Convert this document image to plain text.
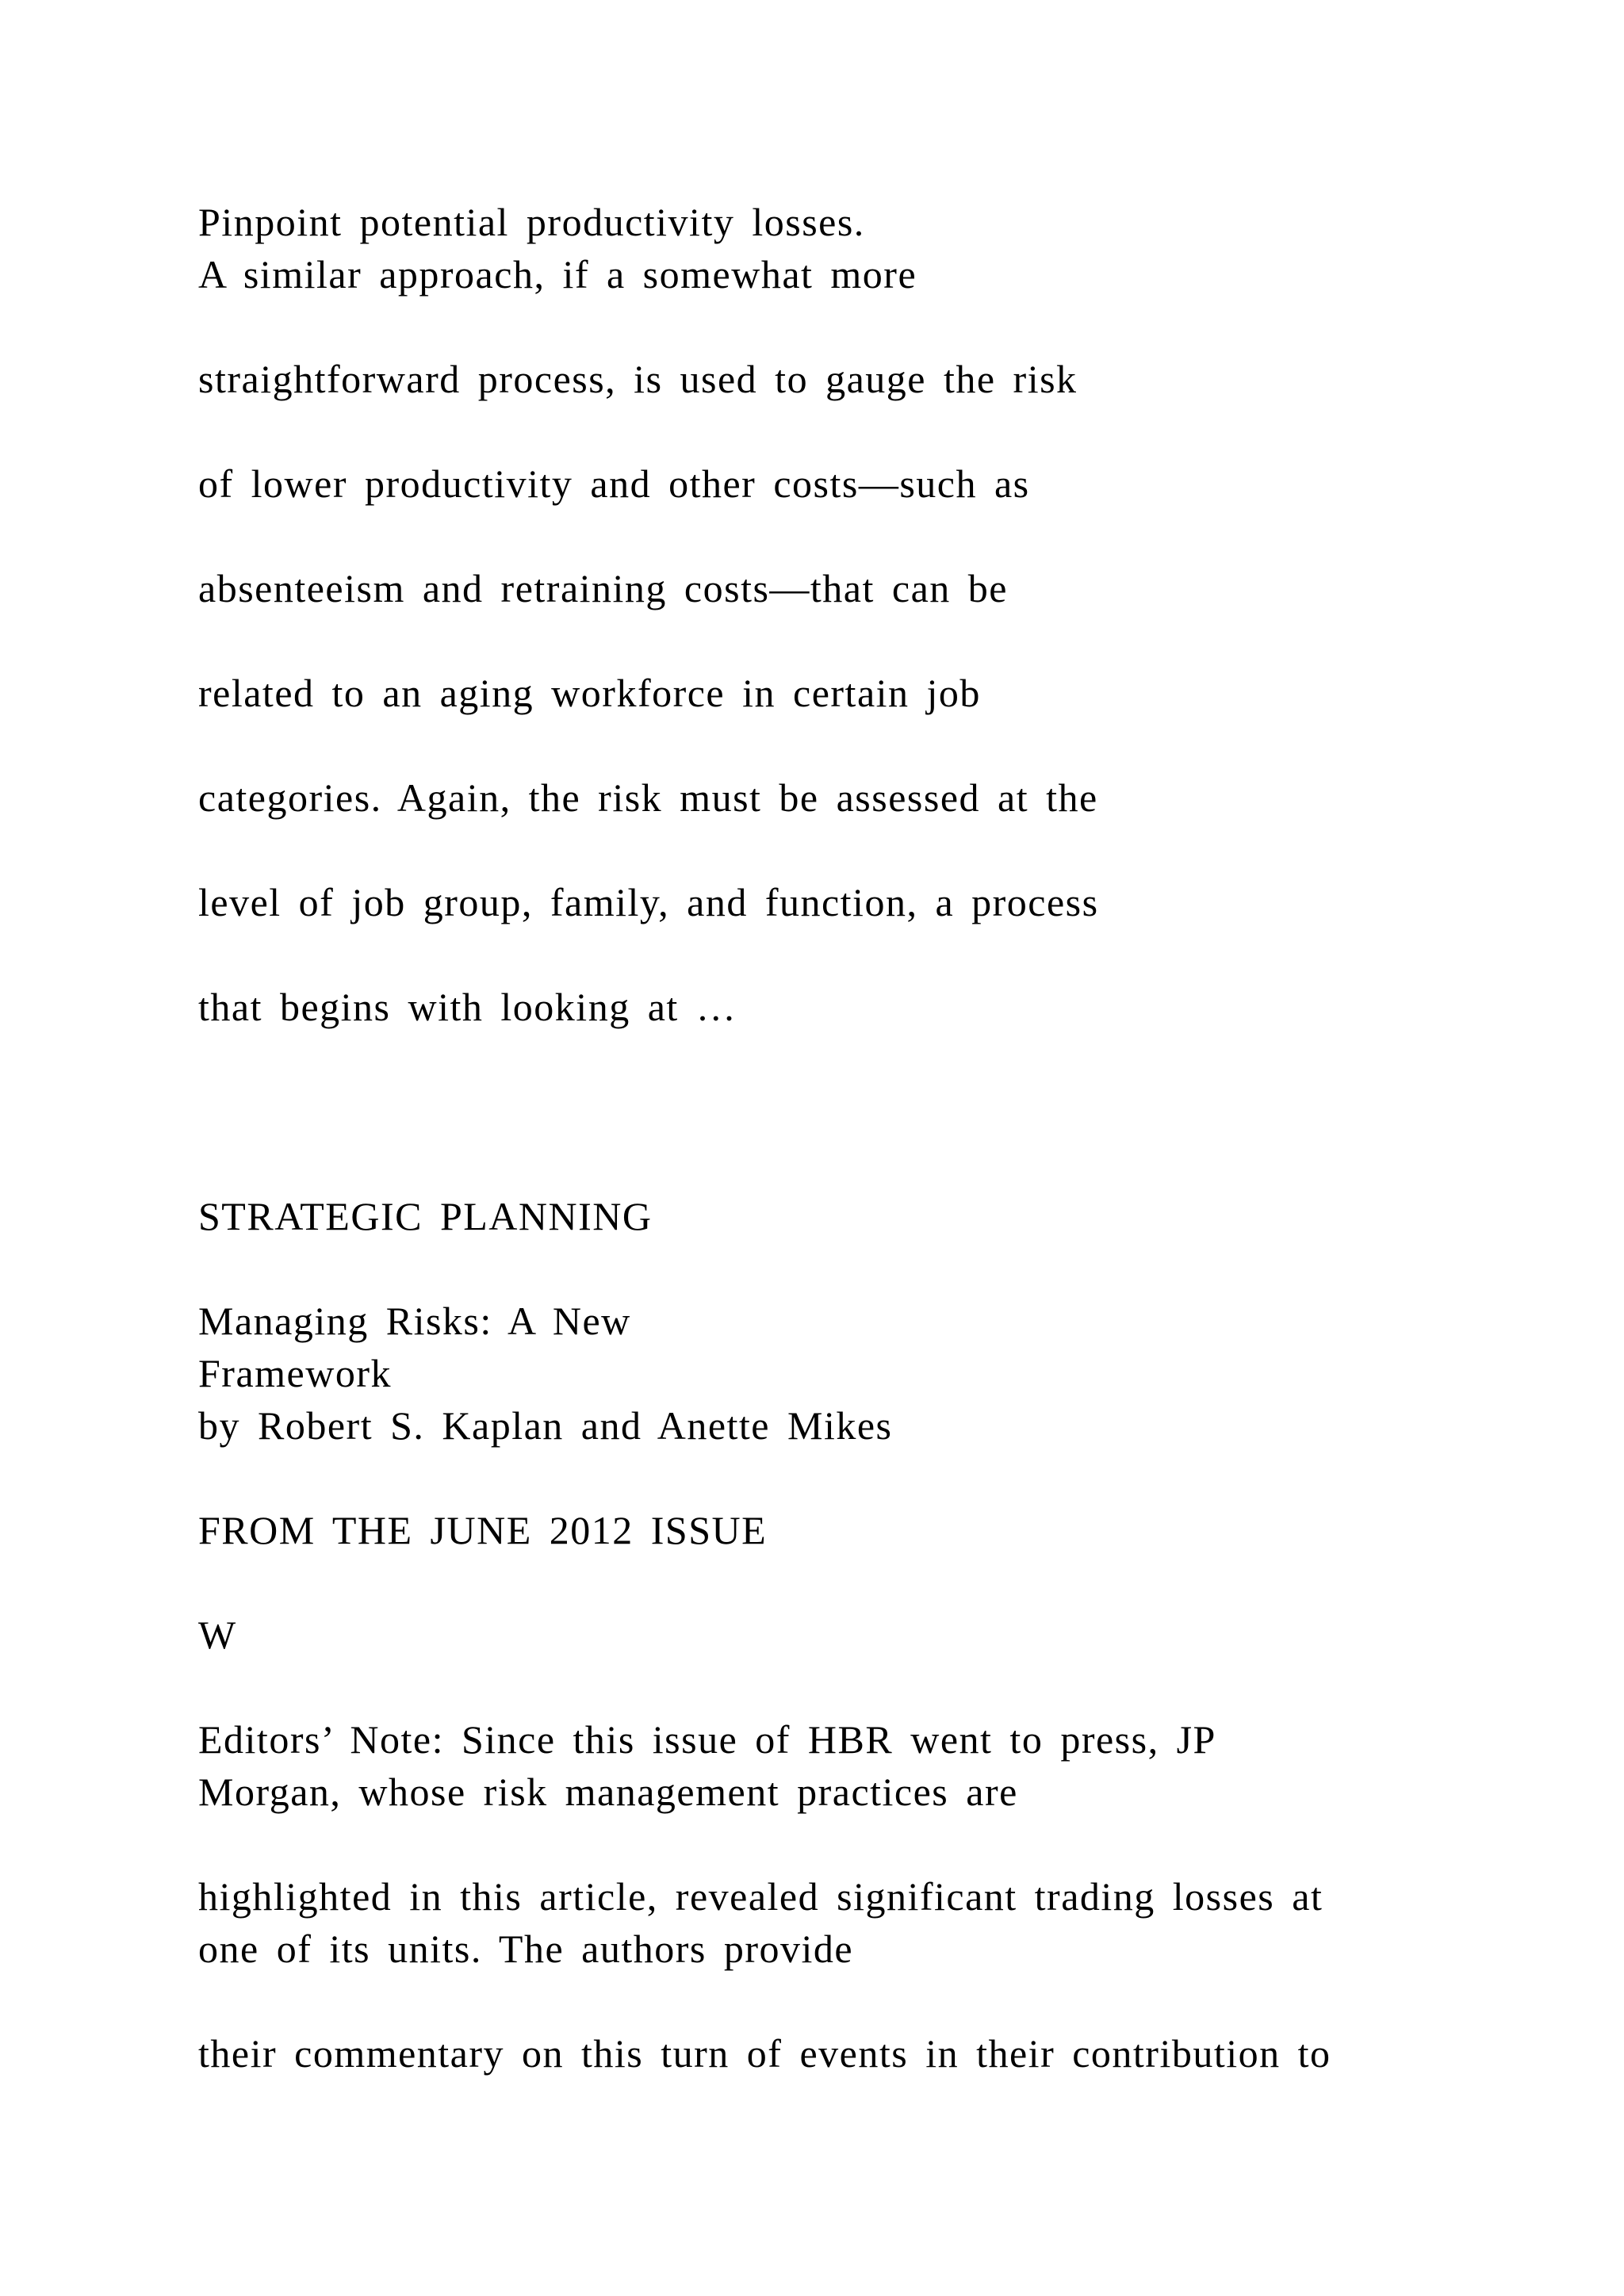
Pinpoint potential productivity losses.
A similar approach, if a somewhat more
straightforward process, is used to gauge the risk
of lower productivity and other costs—such as
absenteeism and retraining costs—that can be
related to an aging workforce in certain job
categories. Again, the risk must be assessed at the
level of job group, family, and function, a process
that begins with looking at …
STRATEGIC PLANNING
Managing Risks: A New
Framework
by Robert S. Kaplan and Anette Mikes
FROM THE JUNE 2012 ISSUE
W
Editors’ Note: Since this issue of HBR went to press, JP
Morgan, whose risk management practices are
highlighted in this article, revealed significant trading losses at
one of its units. The authors provide
their commentary on this turn of events in their contribution to
